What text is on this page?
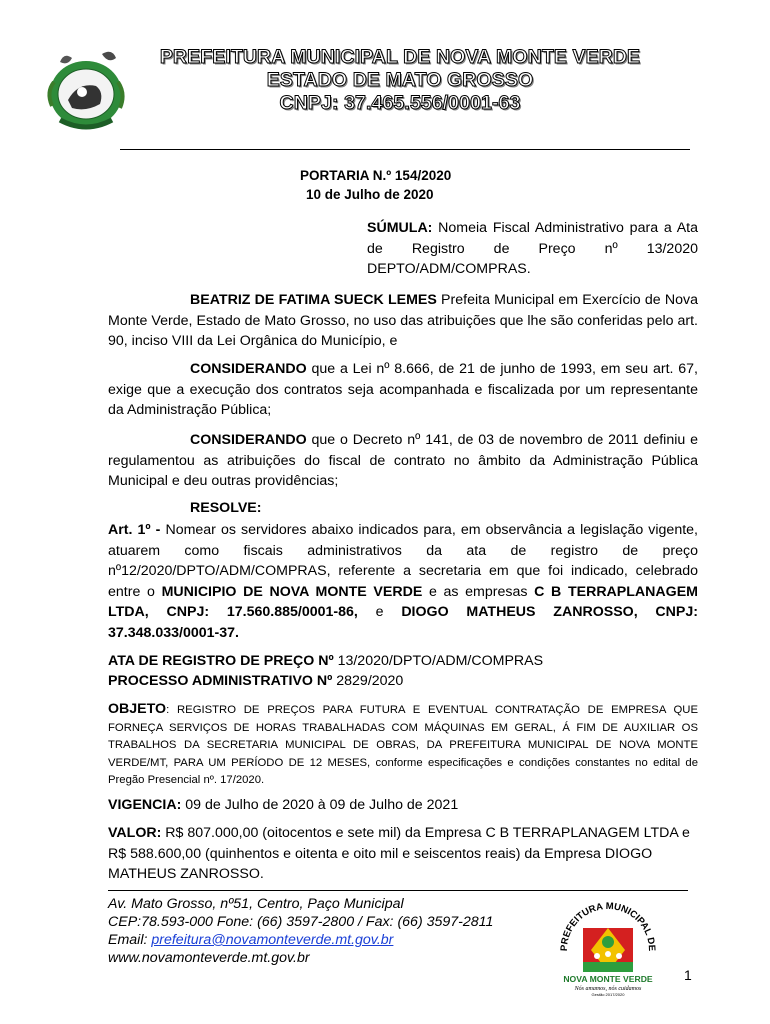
PREFEITURA MUNICIPAL DE NOVA MONTE VERDE
ESTADO DE MATO GROSSO
CNPJ: 37.465.556/0001-63
PORTARIA N.º 154/2020
10 de Julho de 2020
SÚMULA: Nomeia Fiscal Administrativo para a Ata de Registro de Preço nº 13/2020 DEPTO/ADM/COMPRAS.
BEATRIZ DE FATIMA SUECK LEMES Prefeita Municipal em Exercício de Nova Monte Verde, Estado de Mato Grosso, no uso das atribuições que lhe são conferidas pelo art. 90, inciso VIII da Lei Orgânica do Município, e
CONSIDERANDO que a Lei nº 8.666, de 21 de junho de 1993, em seu art. 67, exige que a execução dos contratos seja acompanhada e fiscalizada por um representante da Administração Pública;
CONSIDERANDO que o Decreto nº 141, de 03 de novembro de 2011 definiu e regulamentou as atribuições do fiscal de contrato no âmbito da Administração Pública Municipal e deu outras providências;
RESOLVE:
Art. 1º - Nomear os servidores abaixo indicados para, em observância a legislação vigente, atuarem como fiscais administrativos da ata de registro de preço nº12/2020/DPTO/ADM/COMPRAS, referente a secretaria em que foi indicado, celebrado entre o MUNICIPIO DE NOVA MONTE VERDE e as empresas C B TERRAPLANAGEM LTDA, CNPJ: 17.560.885/0001-86, e DIOGO MATHEUS ZANROSSO, CNPJ: 37.348.033/0001-37.
ATA DE REGISTRO DE PREÇO Nº 13/2020/DPTO/ADM/COMPRAS
PROCESSO ADMINISTRATIVO Nº 2829/2020
OBJETO: REGISTRO DE PREÇOS PARA FUTURA E EVENTUAL CONTRATAÇÃO DE EMPRESA QUE FORNEÇA SERVIÇOS DE HORAS TRABALHADAS COM MÁQUINAS EM GERAL, Á FIM DE AUXILIAR OS TRABALHOS DA SECRETARIA MUNICIPAL DE OBRAS, DA PREFEITURA MUNICIPAL DE NOVA MONTE VERDE/MT, PARA UM PERÍODO DE 12 MESES, conforme especificações e condições constantes no edital de Pregão Presencial nº. 17/2020.
VIGENCIA: 09 de Julho de 2020 à 09 de Julho de 2021
VALOR: R$ 807.000,00 (oitocentos e sete mil) da Empresa C B TERRAPLANAGEM LTDA e R$ 588.600,00 (quinhentos e oitenta e oito mil e seiscentos reais) da Empresa DIOGO MATHEUS ZANROSSO.
Av. Mato Grosso, nº51, Centro, Paço Municipal
CEP:78.593-000 Fone: (66) 3597-2800 / Fax: (66) 3597-2811
Email: prefeitura@novamonteverde.mt.gov.br
www.novamonteverde.mt.gov.br
PREFEITURA MUNICIPAL DE
NOVA MONTE VERDE
Nós amamos, nós cuidamos
Gestão 2017/2020
1
